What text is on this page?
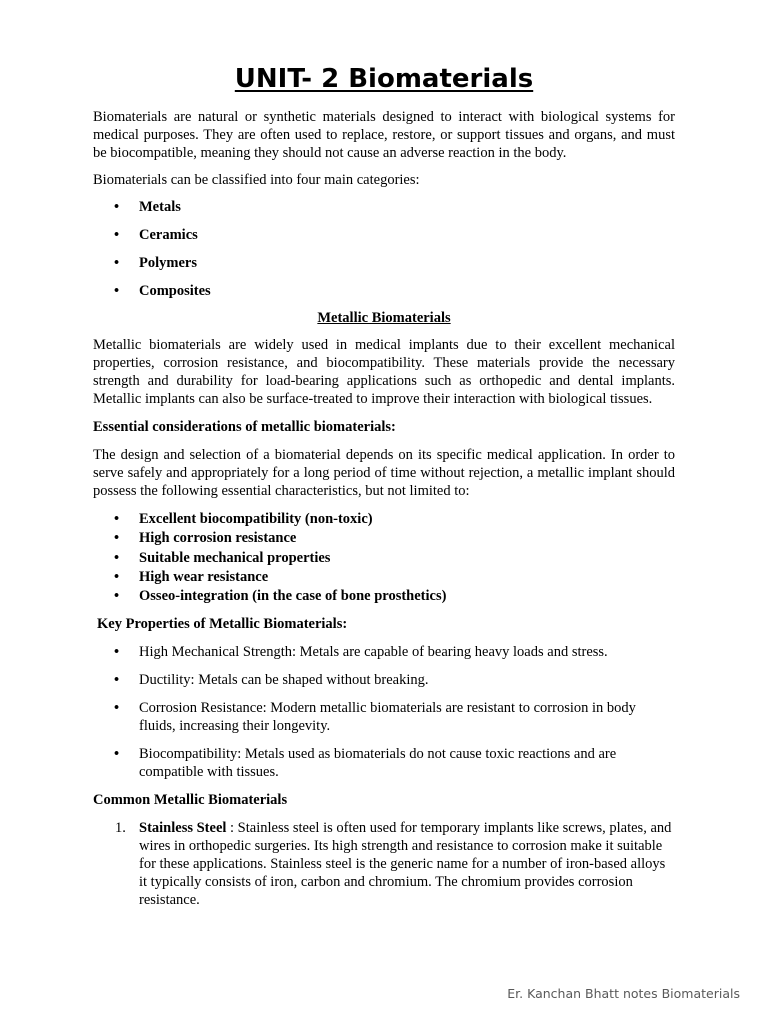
UNIT- 2 Biomaterials

Biomaterials are natural or synthetic materials designed to interact with biological systems for medical purposes. They are often used to replace, restore, or support tissues and organs, and must be biocompatible, meaning they should not cause an adverse reaction in the body.

Biomaterials can be classified into four main categories:

• Metals
• Ceramics
• Polymers
• Composites
Metallic Biomaterials

Metallic biomaterials are widely used in medical implants due to their excellent mechanical properties, corrosion resistance, and biocompatibility. These materials provide the necessary strength and durability for load-bearing applications such as orthopedic and dental implants. Metallic implants can also be surface-treated to improve their interaction with biological tissues.

Essential considerations of metallic biomaterials:

The design and selection of a biomaterial depends on its specific medical application. In order to serve safely and appropriately for a long period of time without rejection, a metallic implant should possess the following essential characteristics, but not limited to:

• Excellent biocompatibility (non-toxic)
• High corrosion resistance
• Suitable mechanical properties
• High wear resistance
• Osseo-integration (in the case of bone prosthetics)

Key Properties of Metallic Biomaterials:

• High Mechanical Strength: Metals are capable of bearing heavy loads and stress.
• Ductility: Metals can be shaped without breaking.
• Corrosion Resistance: Modern metallic biomaterials are resistant to corrosion in body fluids, increasing their longevity.
• Biocompatibility: Metals used as biomaterials do not cause toxic reactions and are compatible with tissues.

Common Metallic Biomaterials

1. Stainless Steel : Stainless steel is often used for temporary implants like screws, plates, and wires in orthopedic surgeries. Its high strength and resistance to corrosion make it suitable for these applications. Stainless steel is the generic name for a number of iron-based alloys it typically consists of iron, carbon and chromium. The chromium provides corrosion resistance.
Er. Kanchan Bhatt notes Biomaterials
